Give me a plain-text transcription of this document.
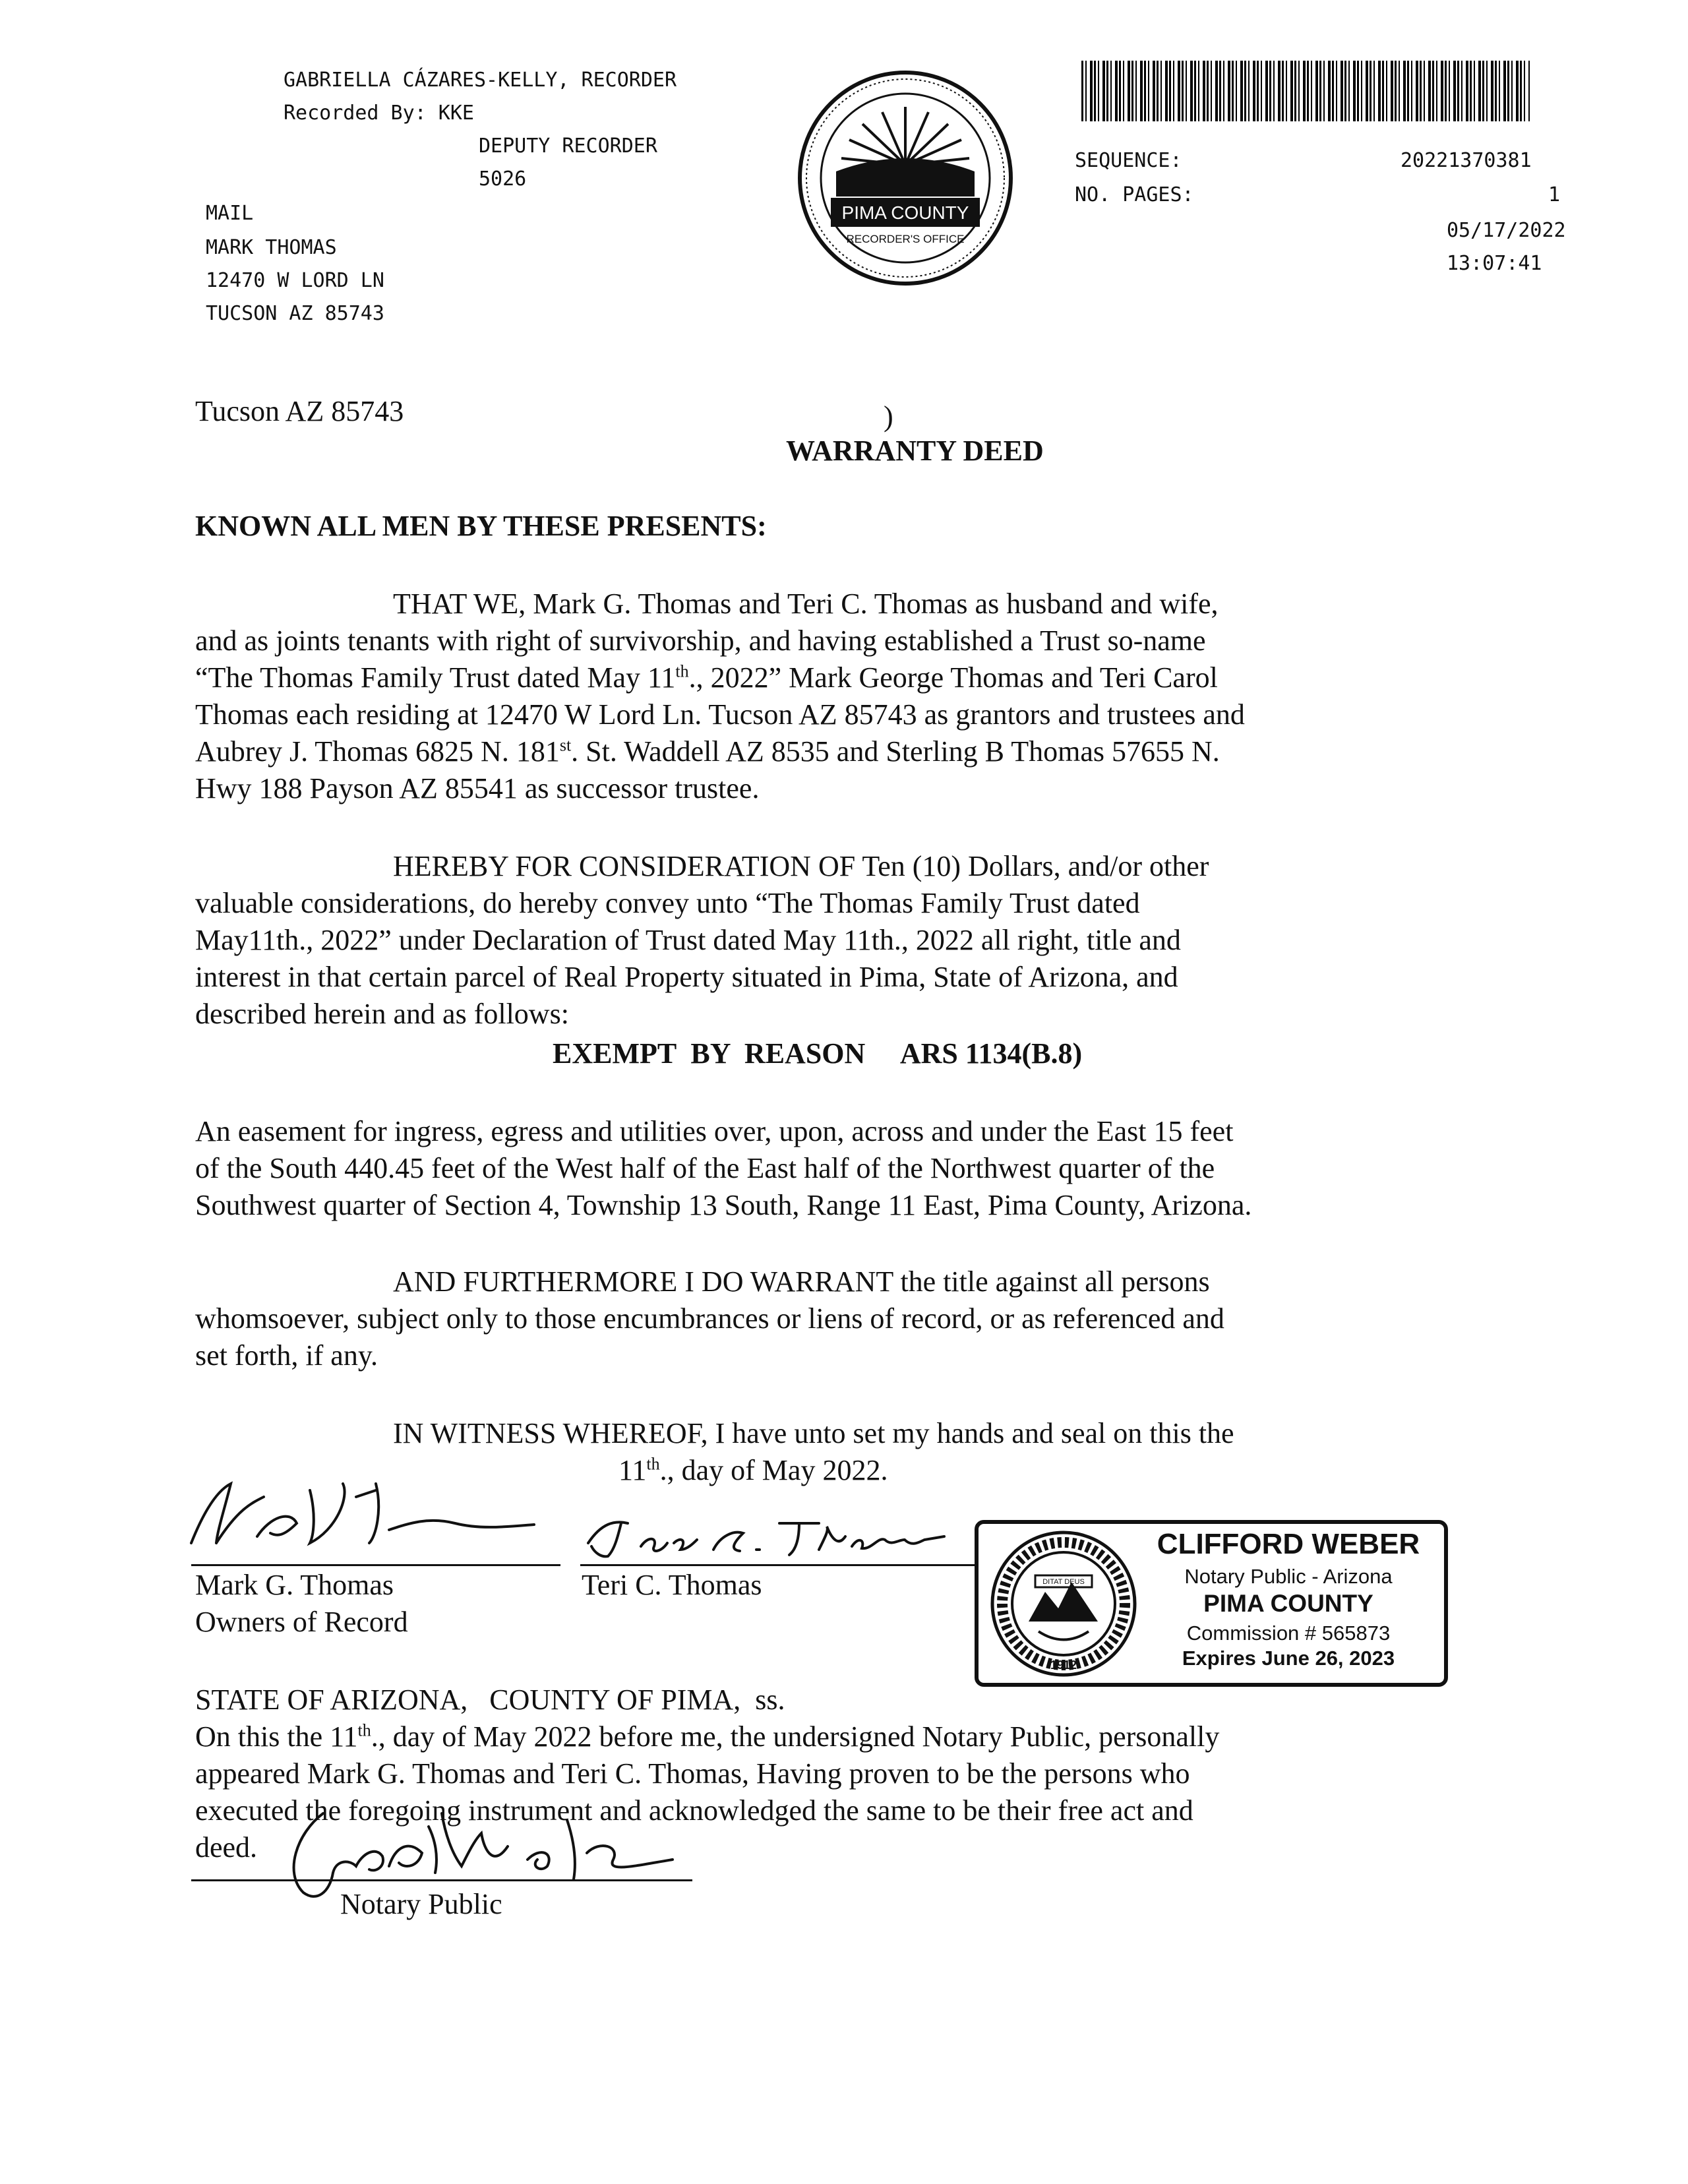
GABRIELLA CÁZARES-KELLY, RECORDER
Recorded By: KKE
DEPUTY RECORDER
5026
MAIL
MARK THOMAS
12470 W LORD LN
TUCSON AZ 85743
PIMA COUNTY
RECORDER'S OFFICE
SEQUENCE:	20221370381
NO. PAGES:	1
05/17/2022
13:07:41
Tucson AZ 85743	)
WARRANTY DEED
KNOWN ALL MEN BY THESE PRESENTS:
THAT WE, Mark G. Thomas and Teri C. Thomas as husband and wife,
and as joints tenants with right of survivorship, and having established a Trust so-name
“The Thomas Family Trust dated May 11th., 2022” Mark George Thomas and Teri Carol
Thomas each residing at 12470 W Lord Ln. Tucson AZ 85743 as grantors and trustees and
Aubrey J. Thomas 6825 N. 181st. St. Waddell AZ 8535 and Sterling B Thomas 57655 N.
Hwy 188 Payson AZ 85541 as successor trustee.
HEREBY FOR CONSIDERATION OF Ten (10) Dollars, and/or other
valuable considerations, do hereby convey unto “The Thomas Family Trust dated
May11th., 2022” under Declaration of Trust dated May 11th., 2022 all right, title and
interest in that certain parcel of Real Property situated in Pima, State of Arizona, and
described herein and as follows:
EXEMPT  BY  REASON     ARS 1134(B.8)
An easement for ingress, egress and utilities over, upon, across and under the East 15 feet
of the South 440.45 feet of the West half of the East half of the Northwest quarter of the
Southwest quarter of Section 4, Township 13 South, Range 11 East, Pima County, Arizona.
AND FURTHERMORE I DO WARRANT the title against all persons
whomsoever, subject only to those encumbrances or liens of record, or as referenced and
set forth, if any.
IN WITNESS WHEREOF, I have unto set my hands and seal on this the
11th., day of May 2022.
Mark G. Thomas	Teri C. Thomas
Owners of Record
DITAT DEUS
1912
CLIFFORD WEBER
Notary Public - Arizona
PIMA COUNTY
Commission # 565873
Expires June 26, 2023
STATE OF ARIZONA,   COUNTY OF PIMA,  ss.
On this the 11th., day of May 2022 before me, the undersigned Notary Public, personally
appeared Mark G. Thomas and Teri C. Thomas, Having proven to be the persons who
executed the foregoing instrument and acknowledged the same to be their free act and
deed.
Notary Public
